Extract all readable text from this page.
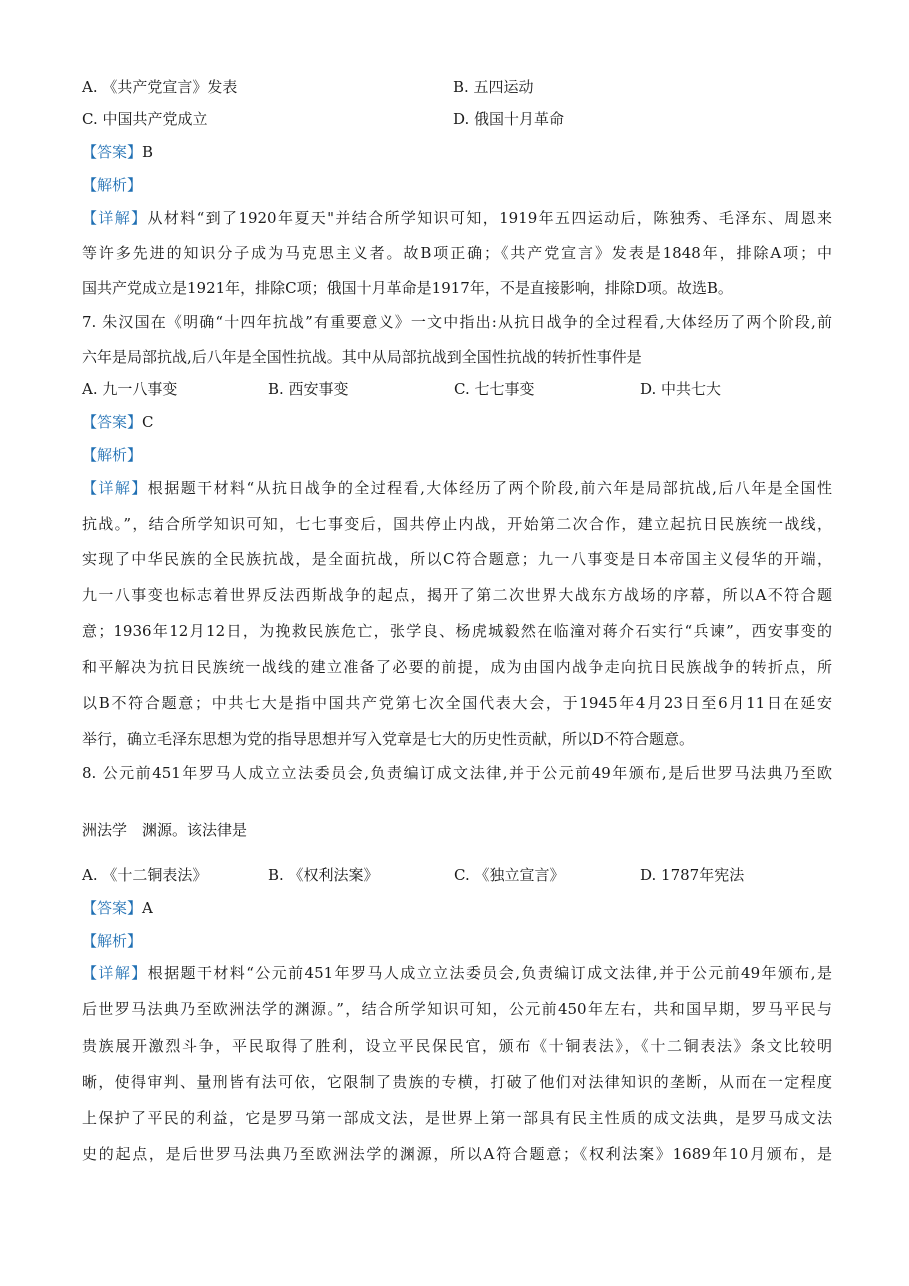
A. 《共产党宣言》发表	B. 五四运动
C. 中国共产党成立	D. 俄国十月革命
【答案】B
【解析】
【详解】从材料“到了1920年夏天"并结合所学知识可知，1919年五四运动后，陈独秀、毛泽东、周恩来
等许多先进的知识分子成为马克思主义者。故B项正确；《共产党宣言》发表是1848年，排除A项；中
国共产党成立是1921年，排除C项；俄国十月革命是1917年，不是直接影响，排除D项。故选B。
7. 朱汉国在《明确“十四年抗战”有重要意义》一文中指出:从抗日战争的全过程看,大体经历了两个阶段,前
六年是局部抗战,后八年是全国性抗战。其中从局部抗战到全国性抗战的转折性事件是
A. 九一八事变	B. 西安事变	C. 七七事变	D. 中共七大
【答案】C
【解析】
【详解】根据题干材料“从抗日战争的全过程看,大体经历了两个阶段,前六年是局部抗战,后八年是全国性
抗战。”，结合所学知识可知，七七事变后，国共停止内战，开始第二次合作，建立起抗日民族统一战线，
实现了中华民族的全民族抗战，是全面抗战，所以C符合题意；九一八事变是日本帝国主义侵华的开端，
九一八事变也标志着世界反法西斯战争的起点，揭开了第二次世界大战东方战场的序幕，所以A不符合题
意；1936年12月12日，为挽救民族危亡，张学良、杨虎城毅然在临潼对蒋介石实行“兵谏”，西安事变的
和平解决为抗日民族统一战线的建立准备了必要的前提，成为由国内战争走向抗日民族战争的转折点，所
以B不符合题意；中共七大是指中国共产党第七次全国代表大会，于1945年4月23日至6月11日在延安
举行，确立毛泽东思想为党的指导思想并写入党章是七大的历史性贡献，所以D不符合题意。
8. 公元前451年罗马人成立立法委员会,负责编订成文法律,并于公元前49年颁布,是后世罗马法典乃至欧
洲法学　渊源。该法律是
A. 《十二铜表法》	B. 《权利法案》	C. 《独立宣言》	D. 1787年宪法
【答案】A
【解析】
【详解】根据题干材料“公元前451年罗马人成立立法委员会,负责编订成文法律,并于公元前49年颁布,是
后世罗马法典乃至欧洲法学的渊源。”，结合所学知识可知，公元前450年左右，共和国早期，罗马平民与
贵族展开激烈斗争，平民取得了胜利，设立平民保民官，颁布《十铜表法》，《十二铜表法》条文比较明
晰，使得审判、量刑皆有法可依，它限制了贵族的专横，打破了他们对法律知识的垄断，从而在一定程度
上保护了平民的利益，它是罗马第一部成文法，是世界上第一部具有民主性质的成文法典，是罗马成文法
史的起点，是后世罗马法典乃至欧洲法学的渊源，所以A符合题意；《权利法案》1689年10月颁布，是
